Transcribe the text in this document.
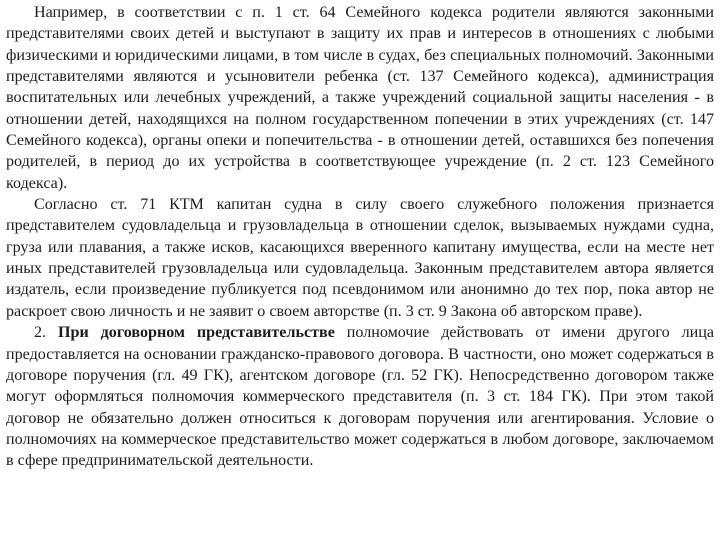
Например, в соответствии с п. 1 ст. 64 Семейного кодекса родители являются законными представителями своих детей и выступают в защиту их прав и интересов в отношениях с любыми физическими и юридическими лицами, в том числе в судах, без специальных полномочий. Законными представителями являются и усыновители ребенка (ст. 137 Семейного кодекса), администрация воспитательных или лечебных учреждений, а также учреждений социальной защиты населения - в отношении детей, находящихся на полном государственном попечении в этих учреждениях (ст. 147 Семейного кодекса), органы опеки и попечительства - в отношении детей, оставшихся без попечения родителей, в период до их устройства в соответствующее учреждение (п. 2 ст. 123 Семейного кодекса).

Согласно ст. 71 КТМ капитан судна в силу своего служебного положения признается представителем судовладельца и грузовладельца в отношении сделок, вызываемых нуждами судна, груза или плавания, а также исков, касающихся вверенного капитану имущества, если на месте нет иных представителей грузовладельца или судовладельца. Законным представителем автора является издатель, если произведение публикуется под псевдонимом или анонимно до тех пор, пока автор не раскроет свою личность и не заявит о своем авторстве (п. 3 ст. 9 Закона об авторском праве).

2. При договорном представительстве полномочие действовать от имени другого лица предоставляется на основании гражданско-правового договора. В частности, оно может содержаться в договоре поручения (гл. 49 ГК), агентском договоре (гл. 52 ГК). Непосредственно договором также могут оформляться полномочия коммерческого представителя (п. 3 ст. 184 ГК). При этом такой договор не обязательно должен относиться к договорам поручения или агентирования. Условие о полномочиях на коммерческое представительство может содержаться в любом договоре, заключаемом в сфере предпринимательской деятельности.
